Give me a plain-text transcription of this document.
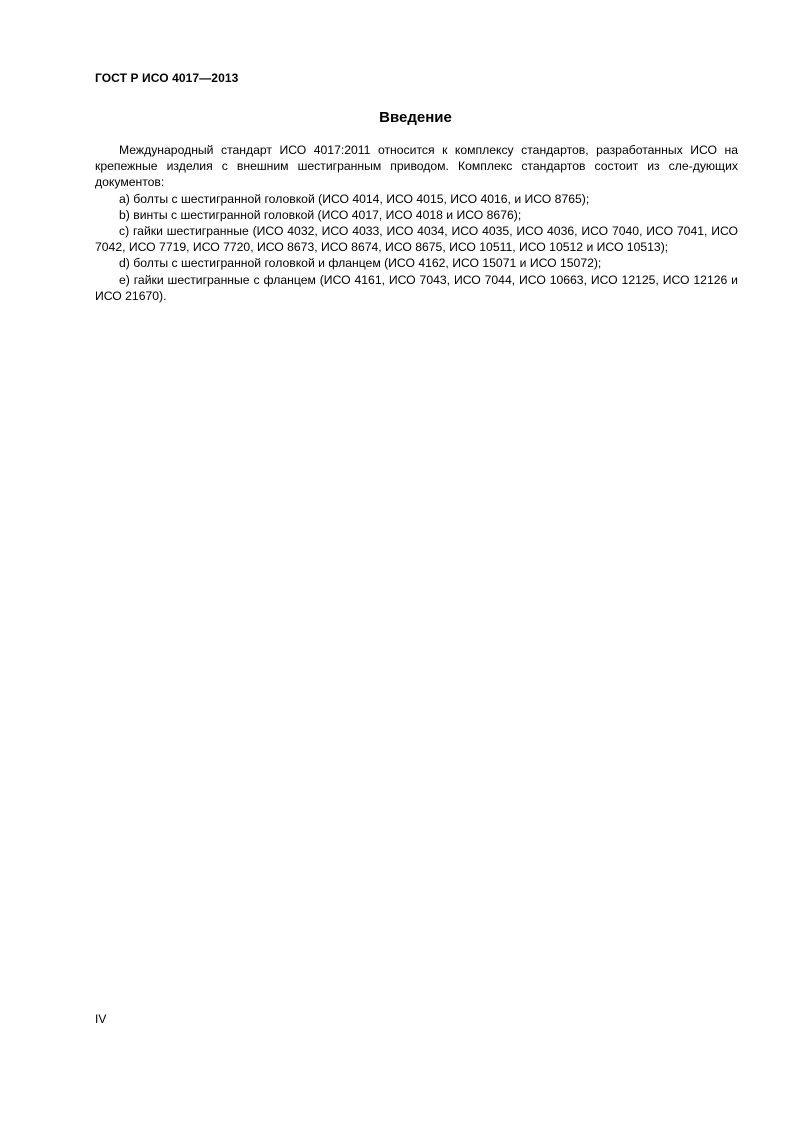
ГОСТ Р ИСО 4017—2013
Введение

Международный стандарт ИСО 4017:2011 относится к комплексу стандартов, разработанных ИСО на крепежные изделия с внешним шестигранным приводом. Комплекс стандартов состоит из сле-дующих документов:

a) болты с шестигранной головкой (ИСО 4014, ИСО 4015, ИСО 4016, и ИСО 8765);

b) винты с шестигранной головкой (ИСО 4017, ИСО 4018 и ИСО 8676);

c) гайки шестигранные (ИСО 4032, ИСО 4033, ИСО 4034, ИСО 4035, ИСО 4036, ИСО 7040, ИСО 7041, ИСО 7042, ИСО 7719, ИСО 7720, ИСО 8673, ИСО 8674, ИСО 8675, ИСО 10511, ИСО 10512 и ИСО 10513);

d) болты с шестигранной головкой и фланцем (ИСО 4162, ИСО 15071 и ИСО 15072);

e) гайки шестигранные с фланцем (ИСО 4161, ИСО 7043, ИСО 7044, ИСО 10663, ИСО 12125, ИСО 12126 и ИСО 21670).

IV
